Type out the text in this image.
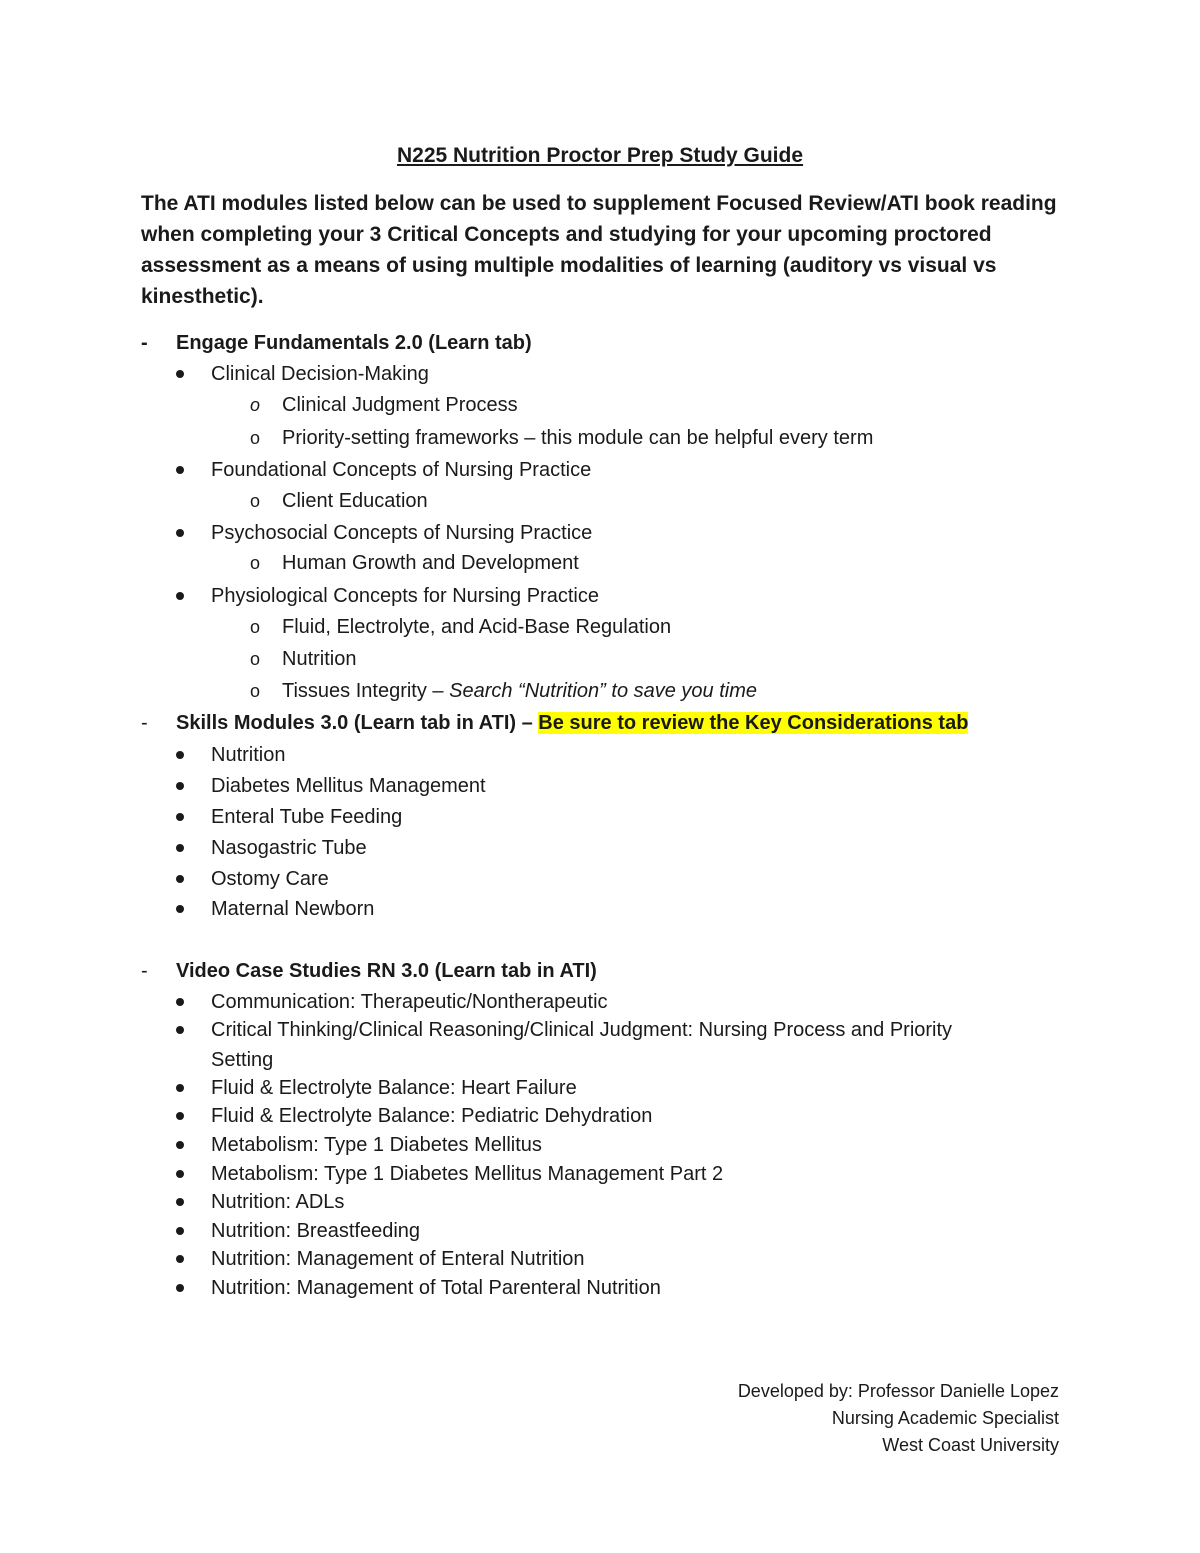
N225 Nutrition Proctor Prep Study Guide
The ATI modules listed below can be used to supplement Focused Review/ATI book reading when completing your 3 Critical Concepts and studying for your upcoming proctored assessment as a means of using multiple modalities of learning (auditory vs visual vs kinesthetic).
- Engage Fundamentals 2.0 (Learn tab)
Clinical Decision-Making
o Clinical Judgment Process
o Priority-setting frameworks – this module can be helpful every term
Foundational Concepts of Nursing Practice
o Client Education
Psychosocial Concepts of Nursing Practice
o Human Growth and Development
Physiological Concepts for Nursing Practice
o Fluid, Electrolyte, and Acid-Base Regulation
o Nutrition
o Tissues Integrity – Search “Nutrition” to save you time
- Skills Modules 3.0 (Learn tab in ATI) – Be sure to review the Key Considerations tab
Nutrition
Diabetes Mellitus Management
Enteral Tube Feeding
Nasogastric Tube
Ostomy Care
Maternal Newborn
- Video Case Studies RN 3.0 (Learn tab in ATI)
Communication: Therapeutic/Nontherapeutic
Critical Thinking/Clinical Reasoning/Clinical Judgment: Nursing Process and Priority
Setting
Fluid & Electrolyte Balance: Heart Failure
Fluid & Electrolyte Balance: Pediatric Dehydration
Metabolism: Type 1 Diabetes Mellitus
Metabolism: Type 1 Diabetes Mellitus Management Part 2
Nutrition: ADLs
Nutrition: Breastfeeding
Nutrition: Management of Enteral Nutrition
Nutrition: Management of Total Parenteral Nutrition
Developed by: Professor Danielle Lopez
Nursing Academic Specialist
West Coast University
